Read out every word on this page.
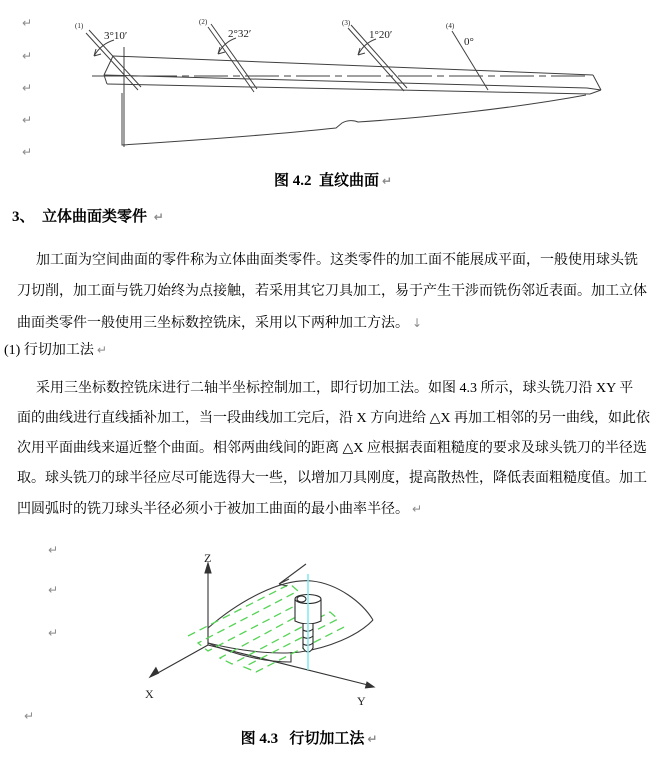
↵
↵
↵
↵
↵
(1)
3°10′
(2)
2°32′
(3)
1°20′
(4)
0°
图 4.2  直纹曲面 ↵
3、  立体曲面类零件 ↵
加工面为空间曲面的零件称为立体曲面类零件。这类零件的加工面不能展成平面，一般使用球头铣
刀切削，加工面与铣刀始终为点接触，若采用其它刀具加工，易于产生干涉而铣伤邻近表面。加工立体
曲面类零件一般使用三坐标数控铣床，采用以下两种加工方法。 ↓
(1) 行切加工法 ↵
采用三坐标数控铣床进行二轴半坐标控制加工，即行切加工法。如图 4.3 所示，球头铣刀沿 XY 平
面的曲线进行直线插补加工，当一段曲线加工完后，沿 X 方向进给 △X 再加工相邻的另一曲线，如此依
次用平面曲线来逼近整个曲面。相邻两曲线间的距离 △X 应根据表面粗糙度的要求及球头铣刀的半径选
取。球头铣刀的球半径应尽可能选得大一些，以增加刀具刚度，提高散热性，降低表面粗糙度值。加工
凹圆弧时的铣刀球头半径必须小于被加工曲面的最小曲率半径。 ↵
↵
↵
↵
↵
Z
X	Y
图 4.3   行切加工法 ↵
